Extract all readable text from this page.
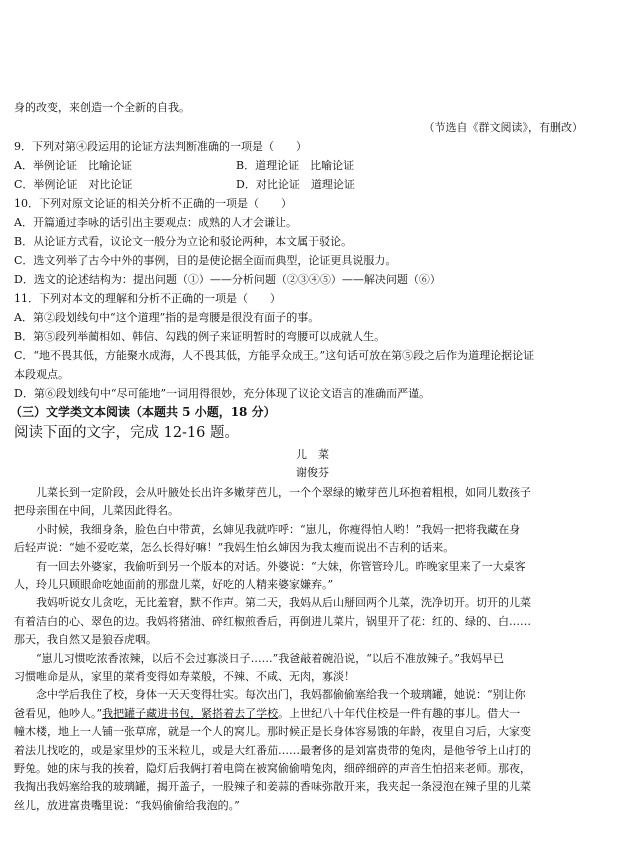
身的改变，来创造一个全新的自我。
（节选自《群文阅读》，有删改）
9．下列对第④段运用的论证方法判断准确的一项是（　　）
A．举例论证　比喻论证	B．道理论证　比喻论证
C．举例论证　对比论证	D．对比论证　道理论证
10．下列对原文论证的相关分析不正确的一项是（　　）
A．开篇通过李咏的话引出主要观点：成熟的人才会谦让。
B．从论证方式看，议论文一般分为立论和驳论两种，本文属于驳论。
C．选文列举了古今中外的事例，目的是使论据全面而典型，论证更具说服力。
D．选文的论述结构为：提出问题（①）——分析问题（②③④⑤）——解决问题（⑥）
11．下列对本文的理解和分析不正确的一项是（　　）
A．第②段划线句中“这个道理”指的是弯腰是很没有面子的事。
B．第⑤段列举蔺相如、韩信、勾践的例子来证明暂时的弯腰可以成就人生。
C．“地不畏其低，方能聚水成海，人不畏其低，方能孚众成王。”这句话可放在第⑤段之后作为道理论据论证
本段观点。
D．第⑥段划线句中“尽可能地”一词用得很妙，充分体现了议论文语言的准确而严谨。
（三）文学类文本阅读（本题共 5 小题，18 分）
阅读下面的文字，完成 12-16 题。
儿　菜
谢俊芬
儿菜长到一定阶段，会从叶腋处长出许多嫩芽芭儿，一个个翠绿的嫩芽芭儿环抱着粗根，如同儿数孩子
把母亲围在中间，儿菜因此得名。
小时候，我细身条，脸色白中带黄，幺婶见我就咋呼：“崽儿，你瘦得怕人哟！”我妈一把将我藏在身
后轻声说：“她不爱吃菜，怎么长得好嘛！”我妈生怕幺婶因为我太瘦而说出不吉利的话来。
有一回去外婆家，我偷听到另一个版本的对话。外婆说：“大妹，你管管玲儿。昨晚家里来了一大桌客
人，玲儿只顾眼命吃她面前的那盘儿菜，好吃的人精来婆家嫌弃。”
我妈听说女儿贪吃，无比羞窘，默不作声。第二天，我妈从后山掰回两个儿菜，洗净切开。切开的儿菜
有着洁白的心、翠色的边。我妈将猪油、碎红椒煎香后，再倒进儿菜片，锅里开了花：红的、绿的、白……
那天，我自然又是狼吞虎咽。
“崽儿习惯吃浓香浓辣，以后不会过寡淡日子……”我爸敲着碗沿说，“以后不准放辣子。”我妈早已
习惯唯命是从，家里的菜肴变得如寿菜般，不辣、不咸、无肉，寡淡！
念中学后我住了校，身体一天天变得壮实。每次出门，我妈都偷偷塞给我一个玻璃罐，她说：“别让你
爸看见，他吵人。”我把罐子藏进书包，紧搭着去了学校。上世纪八十年代住校是一件有趣的事儿。借大一
幢木楼，地上一人铺一张草席，就是一个人的窝儿。那时候正是长身体容易饿的年龄，夜里自习后，大家变
着法儿找吃的，或是家里炒的玉米粒儿，或是大红番茄……最奢侈的是刘富贵带的兔肉，是他爷爷上山打的
野兔。她的床与我的挨着，隐灯后我俩打着电筒在被窝偷偷啃兔肉，细碎细碎的声音生怕招来老师。那夜，
我掏出我妈塞给我的玻璃罐，揭开盖子，一股辣子和姜蒜的香味弥散开来，我夹起一条浸泡在辣子里的儿菜
丝儿，放进富贵嘴里说：“我妈偷偷给我泡的。”
